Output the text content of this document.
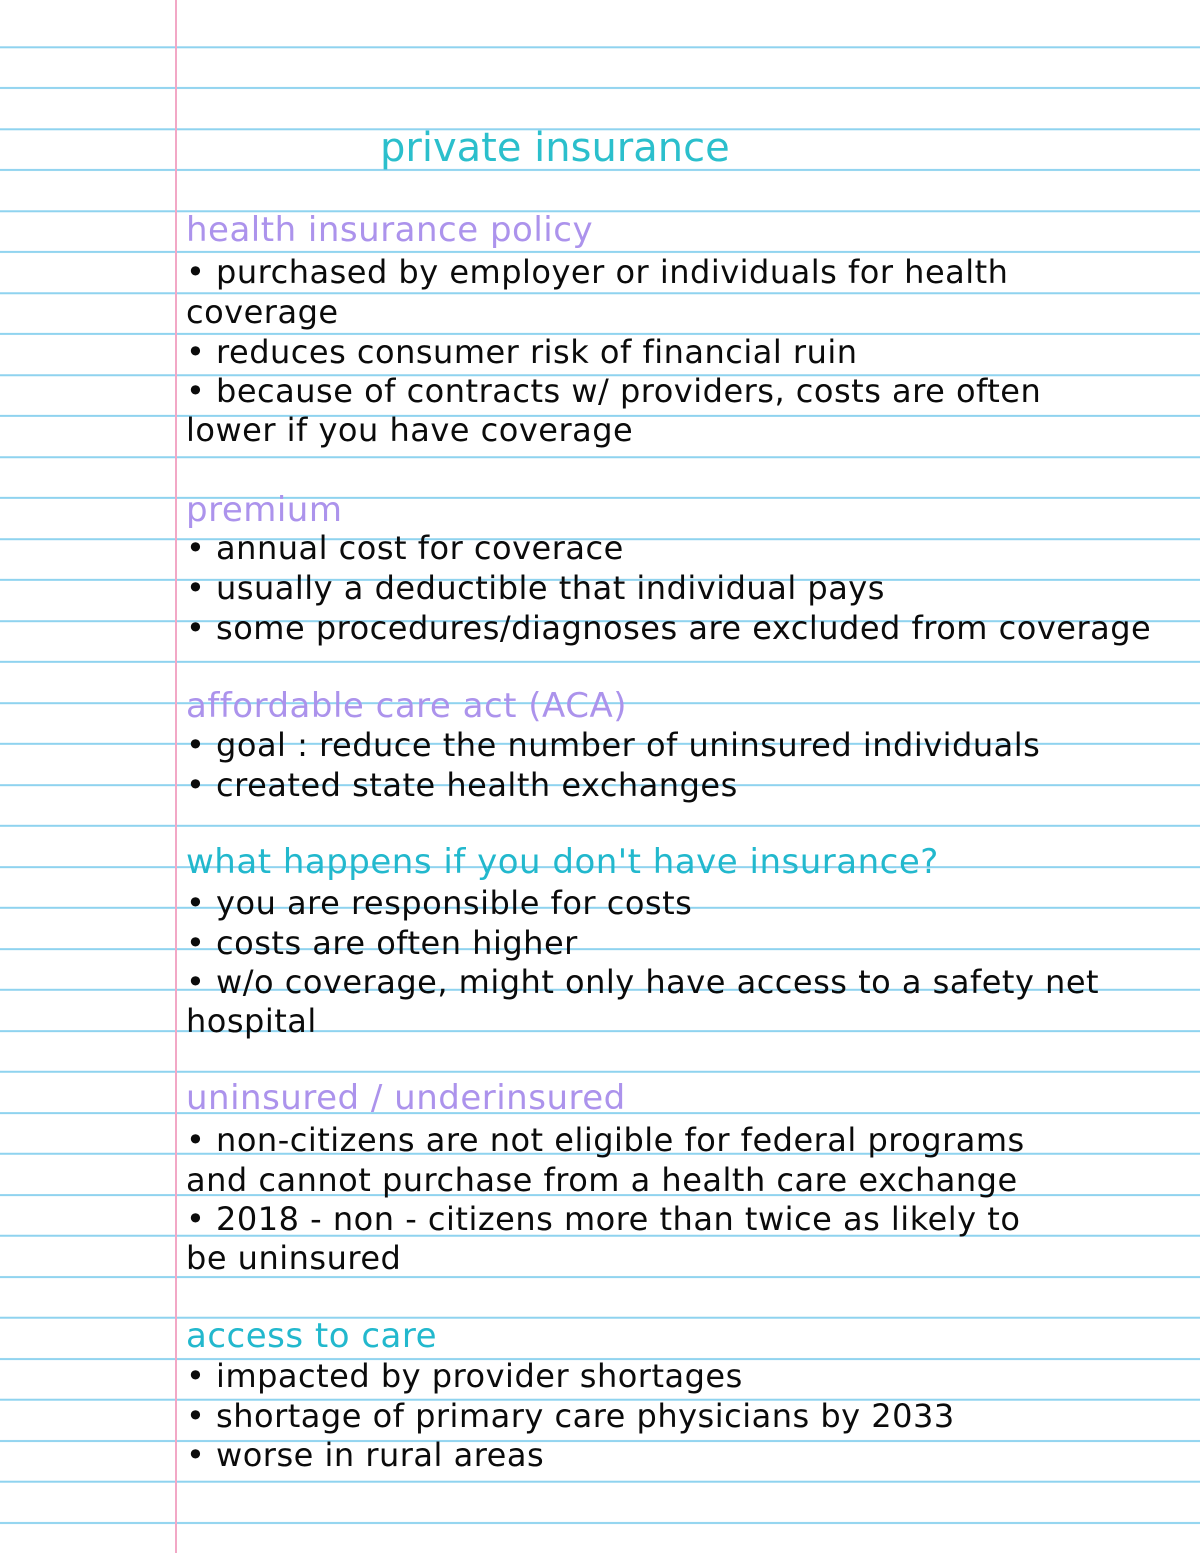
private insurance
health insurance policy
• purchased by employer or individuals for health
coverage
• reduces consumer risk of financial ruin
• because of contracts w/ providers, costs are often
lower if you have coverage
premium
• annual cost for coverace
• usually a deductible that individual pays
• some procedures/diagnoses are excluded from coverage
affordable care act (ACA)
• goal : reduce the number of uninsured individuals
• created state health exchanges
what happens if you don't have insurance?
• you are responsible for costs
• costs are often higher
• w/o coverage, might only have access to a safety net
hospital
uninsured / underinsured
• non-citizens are not eligible for federal programs
and cannot purchase from a health care exchange
• 2018 - non - citizens more than twice as likely to
be uninsured
access to care
• impacted by provider shortages
• shortage of primary care physicians by 2033
• worse in rural areas
